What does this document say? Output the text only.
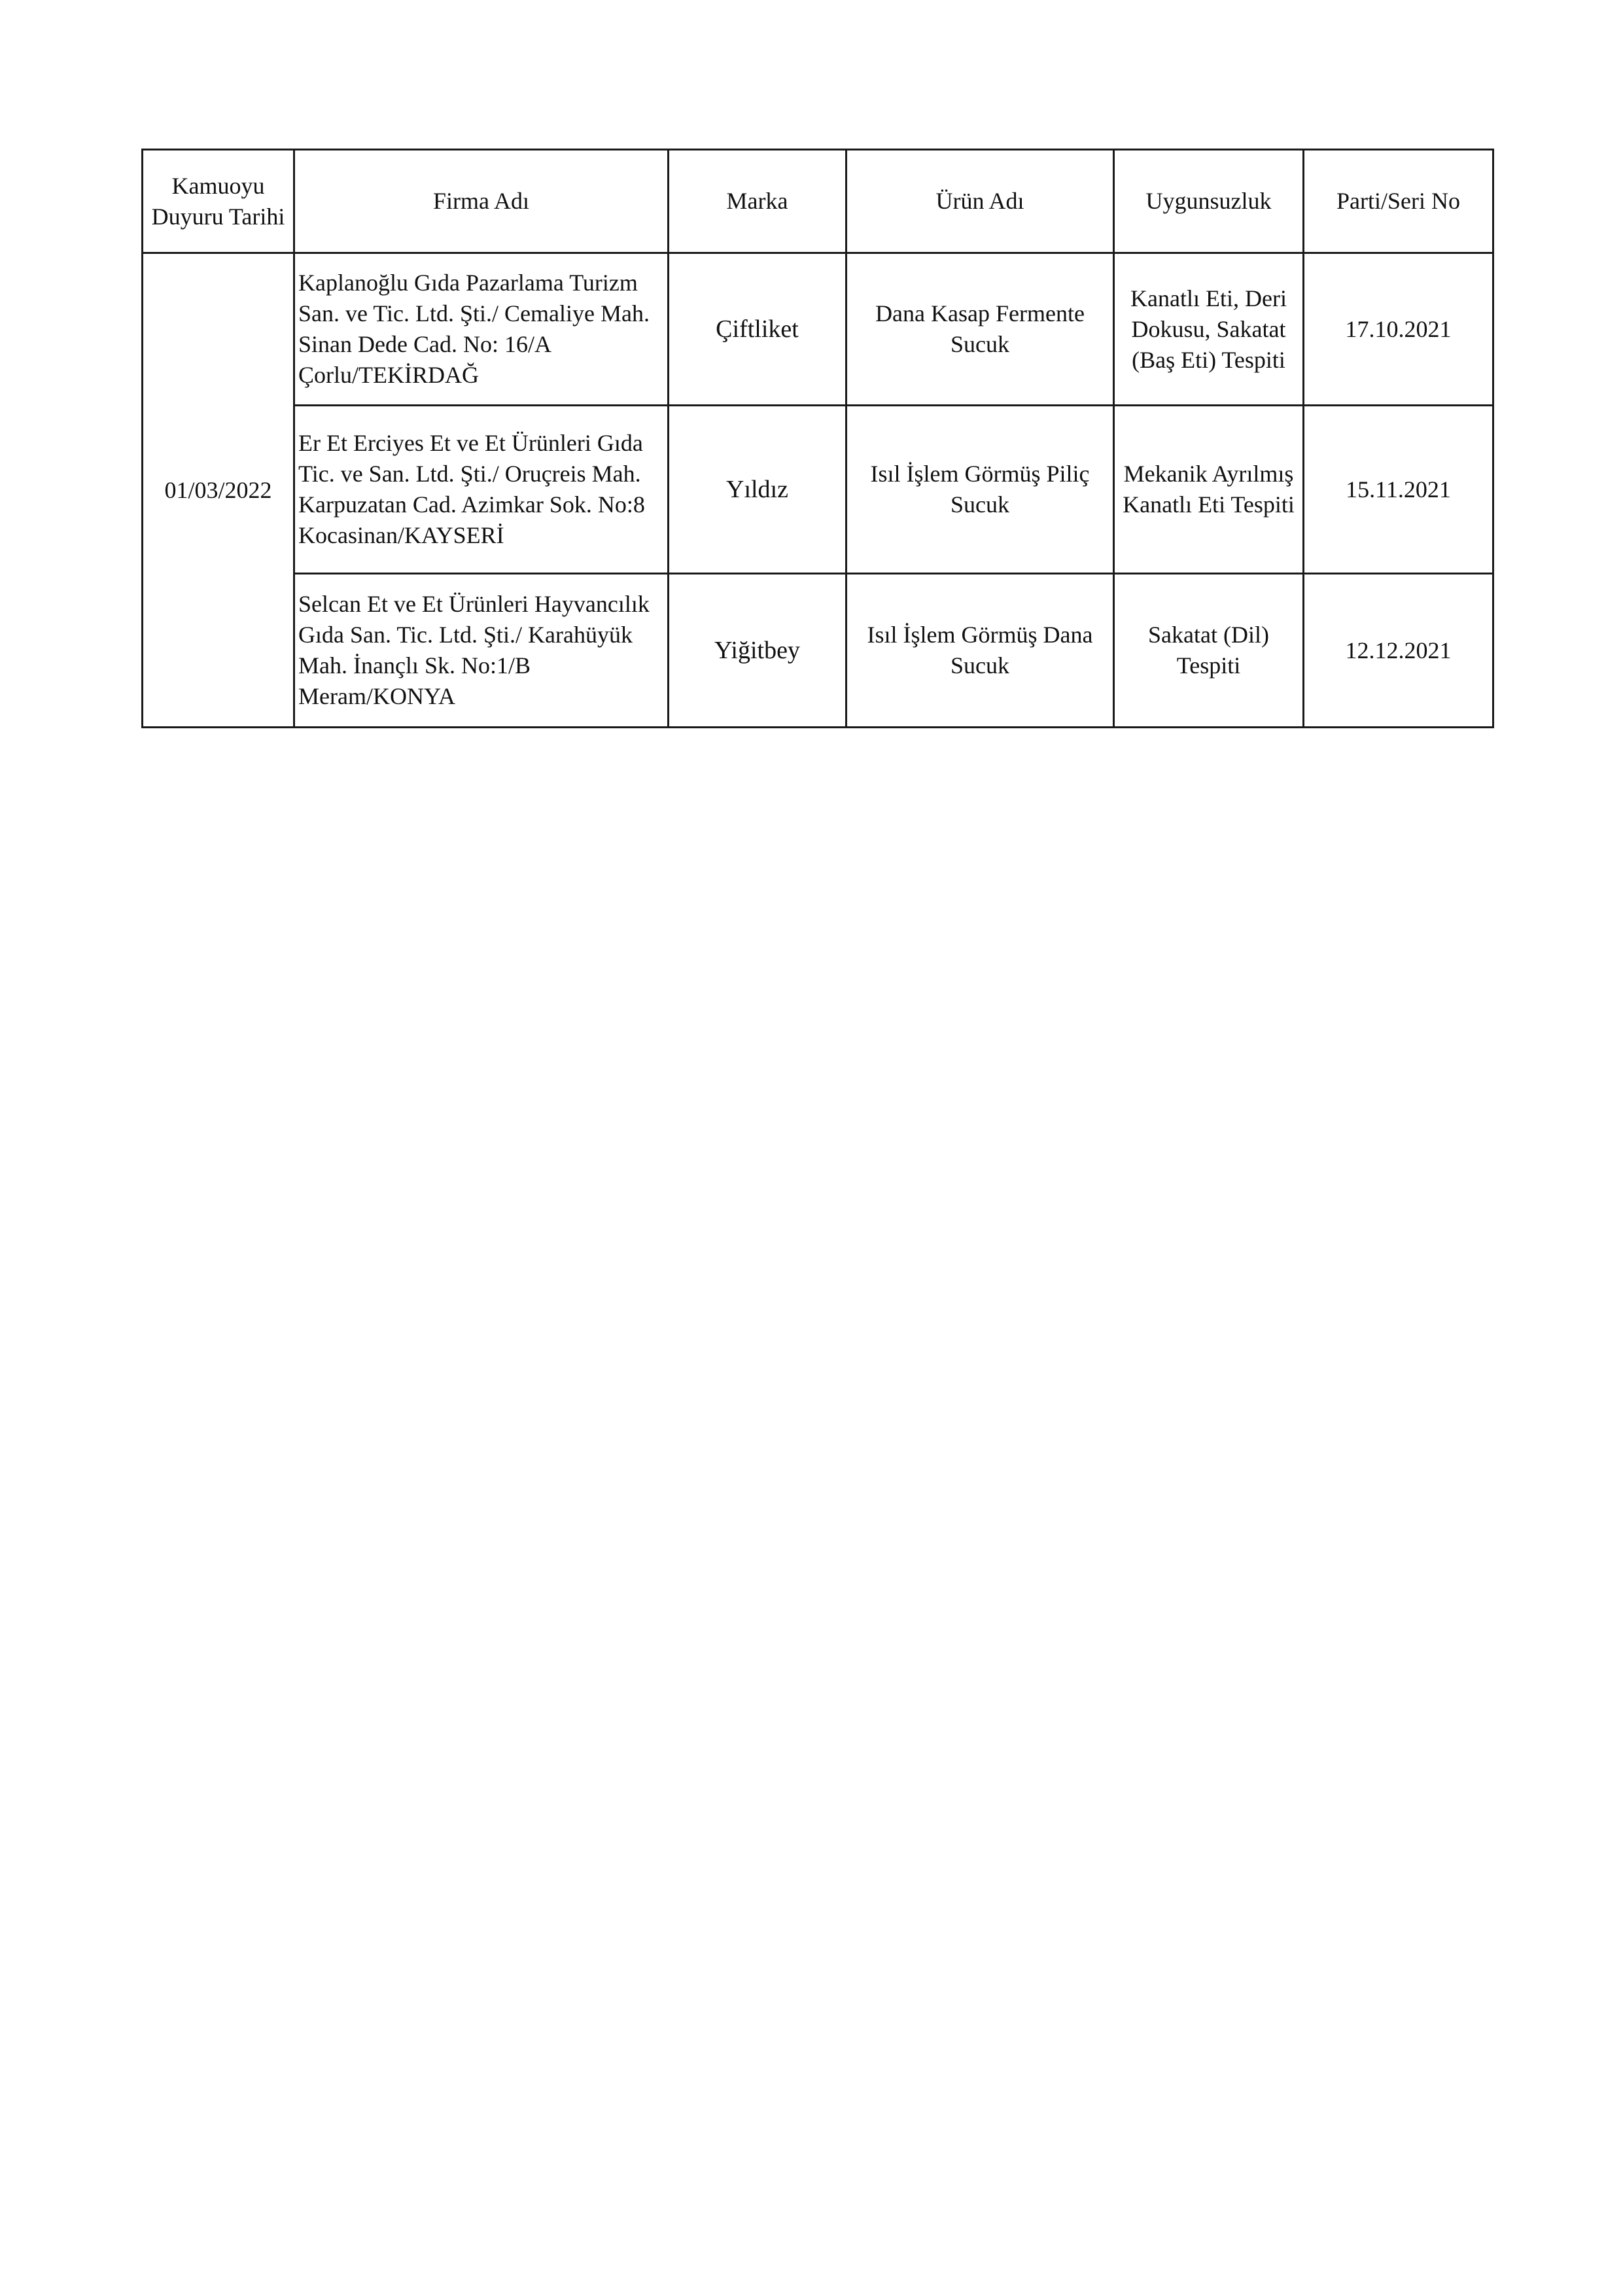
Kamuoyu Duyuru Tarihi	Firma Adı	Marka	Ürün Adı	Uygunsuzluk	Parti/Seri No
01/03/2022	Kaplanoğlu Gıda Pazarlama Turizm San. ve Tic. Ltd. Şti./ Cemaliye Mah. Sinan Dede Cad. No: 16/A Çorlu/TEKİRDAĞ	Çiftliket	Dana Kasap Fermente Sucuk	Kanatlı Eti, Deri Dokusu, Sakatat (Baş Eti) Tespiti	17.10.2021
	Er Et Erciyes Et ve Et Ürünleri Gıda Tic. ve San. Ltd. Şti./ Oruçreis Mah. Karpuzatan Cad. Azimkar Sok. No:8 Kocasinan/KAYSERİ	Yıldız	Isıl İşlem Görmüş Piliç Sucuk	Mekanik Ayrılmış Kanatlı Eti Tespiti	15.11.2021
	Selcan Et ve Et Ürünleri Hayvancılık Gıda San. Tic. Ltd. Şti./ Karahüyük Mah. İnançlı Sk. No:1/B Meram/KONYA	Yiğitbey	Isıl İşlem Görmüş Dana Sucuk	Sakatat (Dil) Tespiti	12.12.2021
